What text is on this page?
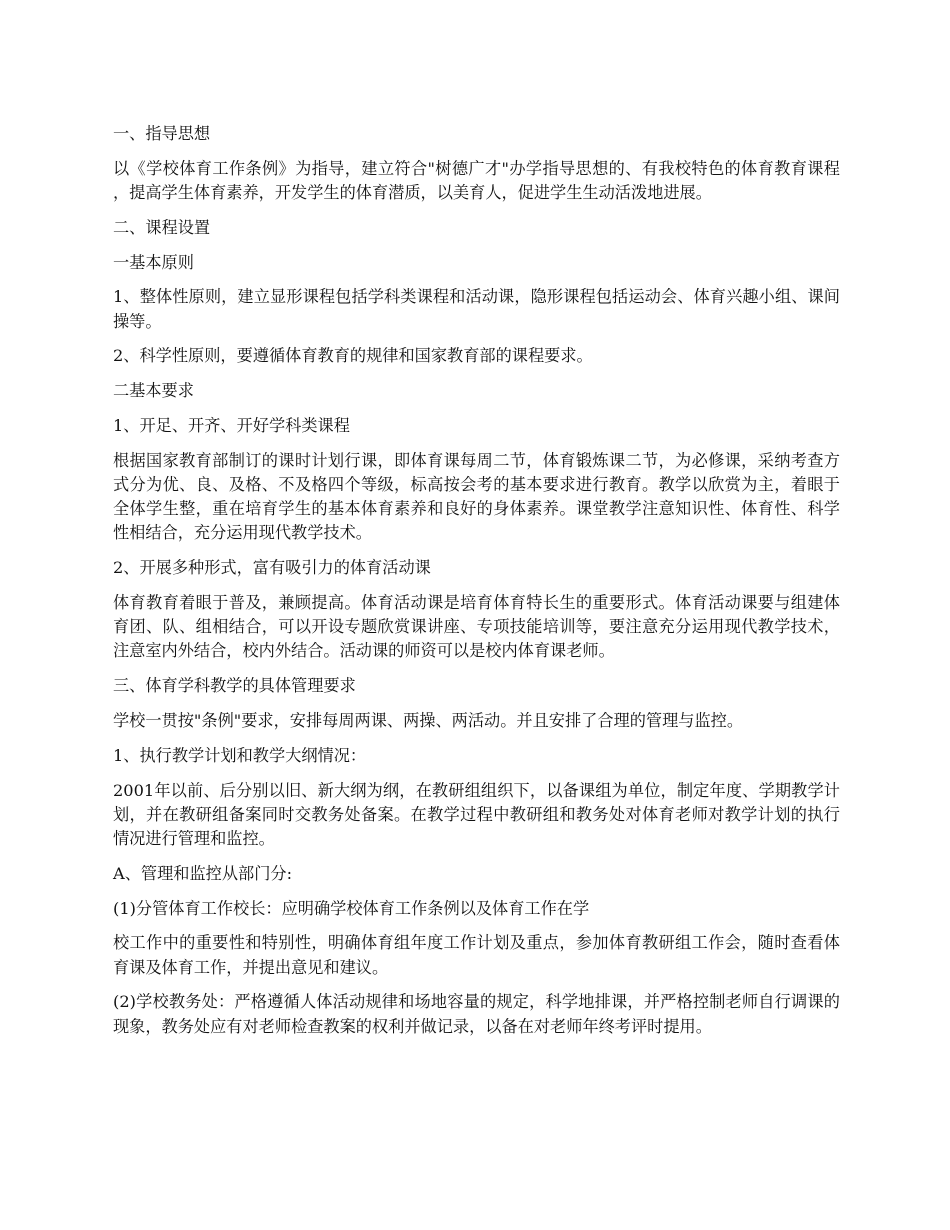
一、指导思想

以《学校体育工作条例》为指导，建立符合"树德广才"办学指导思想的、有我校特色的体育教育课程，提高学生体育素养，开发学生的体育潜质，以美育人，促进学生生动活泼地进展。

二、课程设置

一基本原则

1、整体性原则，建立显形课程包括学科类课程和活动课，隐形课程包括运动会、体育兴趣小组、课间操等。

2、科学性原则，要遵循体育教育的规律和国家教育部的课程要求。

二基本要求

1、开足、开齐、开好学科类课程

根据国家教育部制订的课时计划行课，即体育课每周二节，体育锻炼课二节，为必修课，采纳考查方式分为优、良、及格、不及格四个等级，标高按会考的基本要求进行教育。教学以欣赏为主，着眼于全体学生整，重在培育学生的基本体育素养和良好的身体素养。课堂教学注意知识性、体育性、科学性相结合，充分运用现代教学技术。

2、开展多种形式，富有吸引力的体育活动课

体育教育着眼于普及，兼顾提高。体育活动课是培育体育特长生的重要形式。体育活动课要与组建体育团、队、组相结合，可以开设专题欣赏课讲座、专项技能培训等，要注意充分运用现代教学技术，注意室内外结合，校内外结合。活动课的师资可以是校内体育课老师。

三、体育学科教学的具体管理要求

学校一贯按"条例"要求，安排每周两课、两操、两活动。并且安排了合理的管理与监控。

1、执行教学计划和教学大纲情况：

2001年以前、后分别以旧、新大纲为纲，在教研组组织下，以备课组为单位，制定年度、学期教学计划，并在教研组备案同时交教务处备案。在教学过程中教研组和教务处对体育老师对教学计划的执行情况进行管理和监控。

A、管理和监控从部门分:

(1)分管体育工作校长：应明确学校体育工作条例以及体育工作在学

校工作中的重要性和特别性，明确体育组年度工作计划及重点，参加体育教研组工作会，随时查看体育课及体育工作，并提出意见和建议。

(2)学校教务处：严格遵循人体活动规律和场地容量的规定，科学地排课，并严格控制老师自行调课的现象，教务处应有对老师检查教案的权利并做记录，以备在对老师年终考评时提用。
